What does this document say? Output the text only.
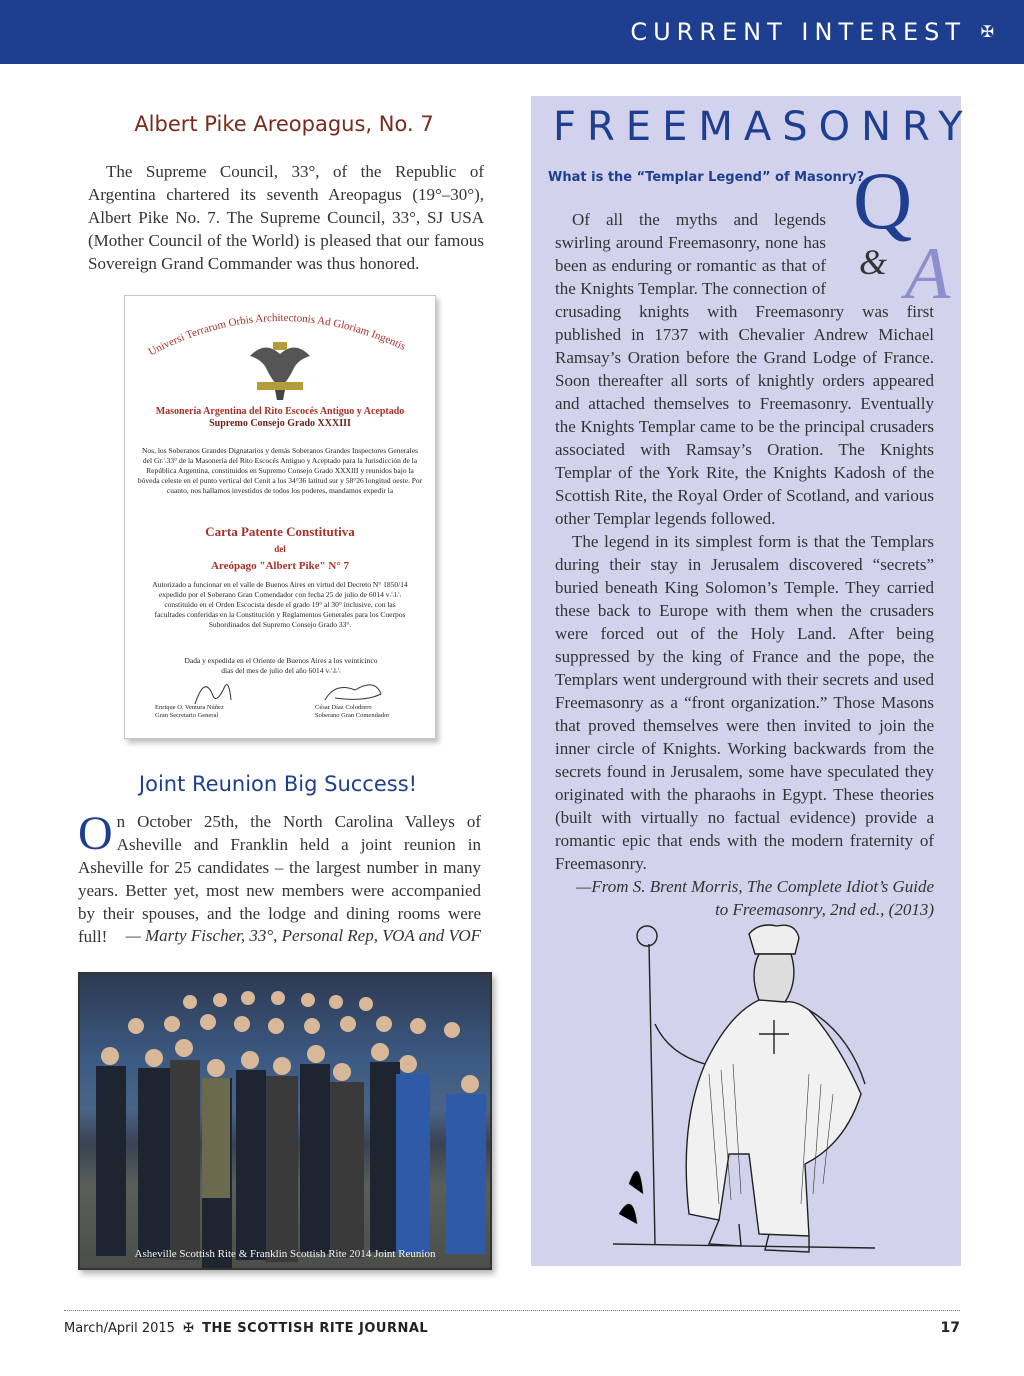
CURRENT INTEREST ✠
Albert Pike Areopagus, No. 7
The Supreme Council, 33°, of the Republic of Argentina chartered its seventh Areopagus (19°–30°), Albert Pike No. 7. The Supreme Council, 33°, SJ USA (Mother Council of the World) is pleased that our famous Sovereign Grand Commander was thus honored.
Universi Terrarum Orbis Architectonis Ad Gloriam Ingentis
Masonería Argentina del Rito Escocés Antiguo y Aceptado
Supremo Consejo Grado XXXIII
Nos, los Soberanos Grandes Dignatarios y demás Soberanos Grandes Inspectores Generales del Gr∴33° de la Masonería del Rito Escocés Antiguo y Aceptado para la Jurisdicción de la República Argentina, constituidos en Supremo Consejo Grado XXXIII y reunidos bajo la bóveda celeste en el punto vertical del Cenit a los 34°36 latitud sur y 58°26 longitud oeste. Por cuanto, nos hallamos investidos de todos los poderes, mandamos expedir la
Carta Patente Constitutiva
del
Areópago "Albert Pike" N° 7
Autorizado a funcionar en el valle de Buenos Aires en virtud del Decreto N° 1850/14 expedido por el Soberano Gran Comendador con fecha 25 de julio de 6014 v∴l∴ constituido en el Orden Escocista desde el grado 19° al 30° inclusive, con las facultades conferidas en la Constitución y Reglamentos Generales para los Cuerpos Subordinados del Supremo Consejo Grado 33°.
Dada y expedida en el Oriente de Buenos Aires a los veinticinco días del mes de julio del año 6014 v∴l∴
Enrique O. Ventura Núñez
Gran Secretario General
César Díaz Colodrero
Soberano Gran Comendador
Joint Reunion Big Success!
On October 25th, the North Carolina Valleys of Asheville and Franklin held a joint reunion in Asheville for 25 candidates – the largest number in many years. Better yet, most new members were accompanied by their spouses, and the lodge and dining rooms were full!	— Marty Fischer, 33°, Personal Rep, VOA and VOF
Asheville Scottish Rite & Franklin Scottish Rite 2014 Joint Reunion
FREEMASONRY
What is the “Templar Legend” of Masonry?
Q
& A

Of all the myths and legends swirling around Freemasonry, none has been as enduring or romantic as that of the Knights Templar. The connection of crusading knights with Freemasonry was first published in 1737 with Chevalier Andrew Michael Ramsay’s Oration before the Grand Lodge of France. Soon thereafter all sorts of knightly orders appeared and attached themselves to Freemasonry. Eventually the Knights Templar came to be the principal crusaders associated with Ramsay’s Oration. The Knights Templar of the York Rite, the Knights Kadosh of the Scottish Rite, the Royal Order of Scotland, and various other Templar legends followed.

The legend in its simplest form is that the Templars during their stay in Jerusalem discovered “secrets” buried beneath King Solomon’s Temple. They carried these back to Europe with them when the crusaders were forced out of the Holy Land. After being suppressed by the king of France and the pope, the Templars went underground with their secrets and used Freemasonry as a “front organization.” Those Masons that proved themselves were then invited to join the inner circle of Knights. Working backwards from the secrets found in Jerusalem, some have speculated they originated with the pharaohs in Egypt. These theories (built with virtually no factual evidence) provide a romantic epic that ends with the modern fraternity of Freemasonry.

—From S. Brent Morris, The Complete Idiot’s Guide

to Freemasonry, 2nd ed., (2013)

March/April 2015 ✠ THE SCOTTISH RITE JOURNAL	17
